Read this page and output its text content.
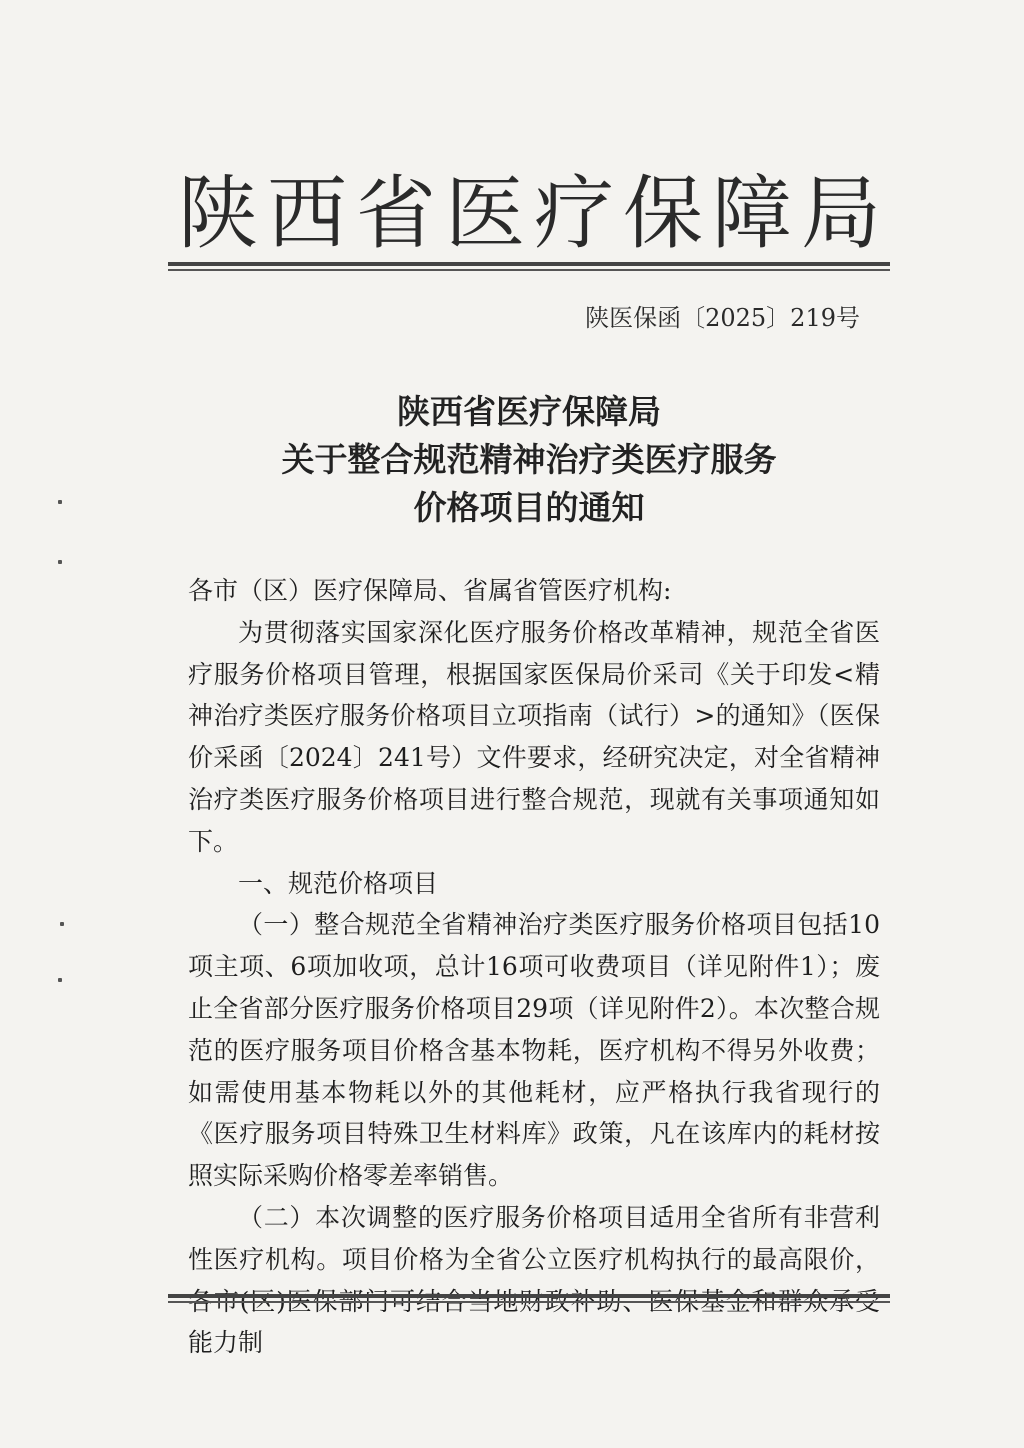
陕西省医疗保障局
陕医保函〔2025〕219号
陕西省医疗保障局
关于整合规范精神治疗类医疗服务
价格项目的通知

各市（区）医疗保障局、省属省管医疗机构:

为贯彻落实国家深化医疗服务价格改革精神，规范全省医疗服务价格项目管理，根据国家医保局价采司《关于印发<精神治疗类医疗服务价格项目立项指南（试行）>的通知》（医保价采函〔2024〕241号）文件要求，经研究决定，对全省精神治疗类医疗服务价格项目进行整合规范，现就有关事项通知如下。

一、规范价格项目

（一）整合规范全省精神治疗类医疗服务价格项目包括10项主项、6项加收项，总计16项可收费项目（详见附件1）；废止全省部分医疗服务价格项目29项（详见附件2）。本次整合规范的医疗服务项目价格含基本物耗，医疗机构不得另外收费；如需使用基本物耗以外的其他耗材，应严格执行我省现行的《医疗服务项目特殊卫生材料库》政策，凡在该库内的耗材按照实际采购价格零差率销售。

（二）本次调整的医疗服务价格项目适用全省所有非营利性医疗机构。项目价格为全省公立医疗机构执行的最高限价，各市(区)医保部门可结合当地财政补助、医保基金和群众承受能力制
